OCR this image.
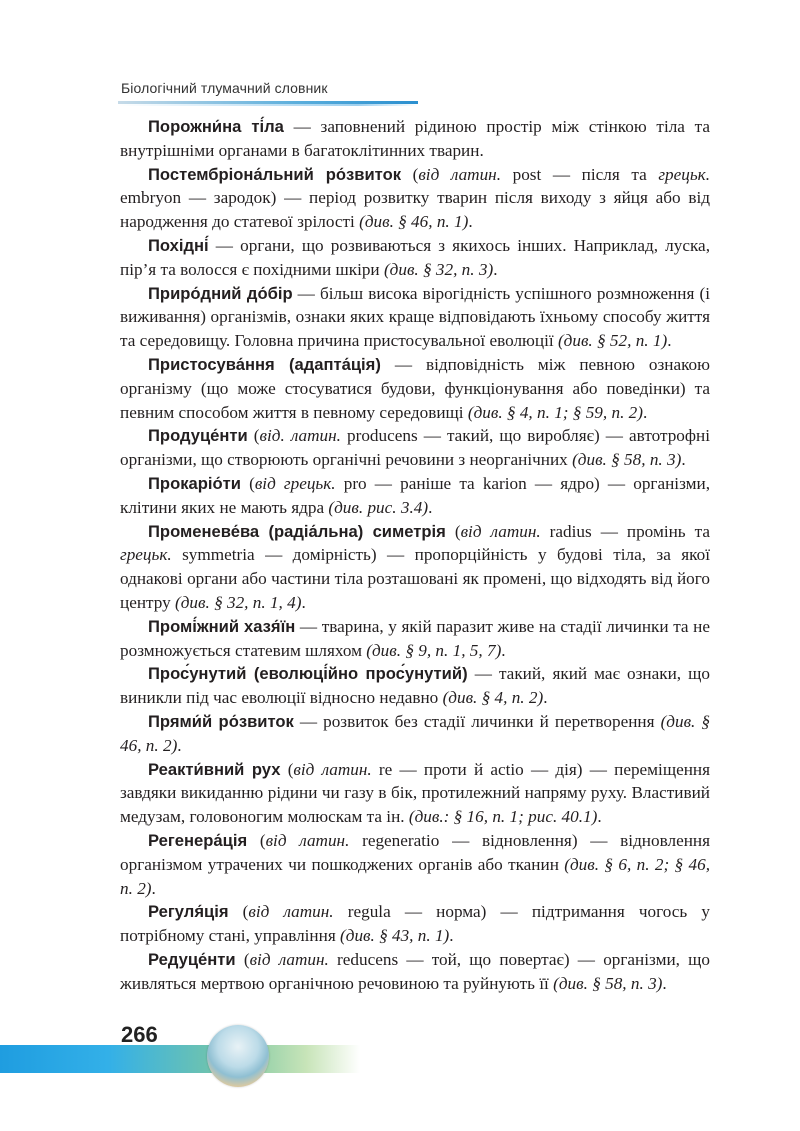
Біологічний тлумачний словник

Порожни́на ті́ла — заповнений рідиною простір між стінкою тіла та внутрішніми органами в багатоклітинних тварин.

Постембріона́льний ро́звиток (від латин. post — після та грецьк. embryon — зародок) — період розвитку тварин після виходу з яйця або від народження до статевої зрілості (див. § 46, п. 1).

Похідні́ — органи, що розвиваються з якихось інших. Наприклад, луска, пір’я та волосся є похідними шкіри (див. § 32, п. 3).

Приро́дний до́бір — більш висока вірогідність успішного розмноження (і виживання) організмів, ознаки яких краще відповідають їхньому способу життя та середовищу. Головна причина пристосувальної еволюції (див. § 52, п. 1).

Пристосува́ння (адапта́ція) — відповідність між певною ознакою організму (що може стосуватися будови, функціонування або поведінки) та певним способом життя в певному середовищі (див. § 4, п. 1; § 59, п. 2).

Продуце́нти (від. латин. producens — такий, що виробляє) — автотрофні організми, що створюють органічні речовини з неорганічних (див. § 58, п. 3).

Прокаріо́ти (від грецьк. pro — раніше та karion — ядро) — організми, клітини яких не мають ядра (див. рис. 3.4).

Променеве́ва (радіа́льна) симетрія (від латин. radius — промінь та грецьк. symmetria — домірність) — пропорційність у будові тіла, за якої однакові органи або частини тіла розташовані як промені, що відходять від його центру (див. § 32, п. 1, 4).

Промі́жний хазя́їн — тварина, у якій паразит живе на стадії личинки та не розмножується статевим шляхом (див. § 9, п. 1, 5, 7).

Прос́унутий (еволюці́йно прос́унутий) — такий, який має ознаки, що виникли під час еволюції відносно недавно (див. § 4, п. 2).

Прями́й ро́звиток — розвиток без стадії личинки й перетворення (див. § 46, п. 2).

Реакти́вний рух (від латин. re — проти й actio — дія) — переміщення завдяки викиданню рідини чи газу в бік, протилежний напряму руху. Властивий медузам, головоногим молюскам та ін. (див.: § 16, п. 1; рис. 40.1).

Регенера́ція (від латин. regeneratio — відновлення) — відновлення організмом утрачених чи пошкоджених органів або тканин (див. § 6, п. 2; § 46, п. 2).

Регуля́ція (від латин. regula — норма) — підтримання чогось у потрібному стані, управління (див. § 43, п. 1).

Редуце́нти (від латин. reducens — той, що повертає) — організми, що живляться мертвою органічною речовиною та руйнують її (див. § 58, п. 3).

266
